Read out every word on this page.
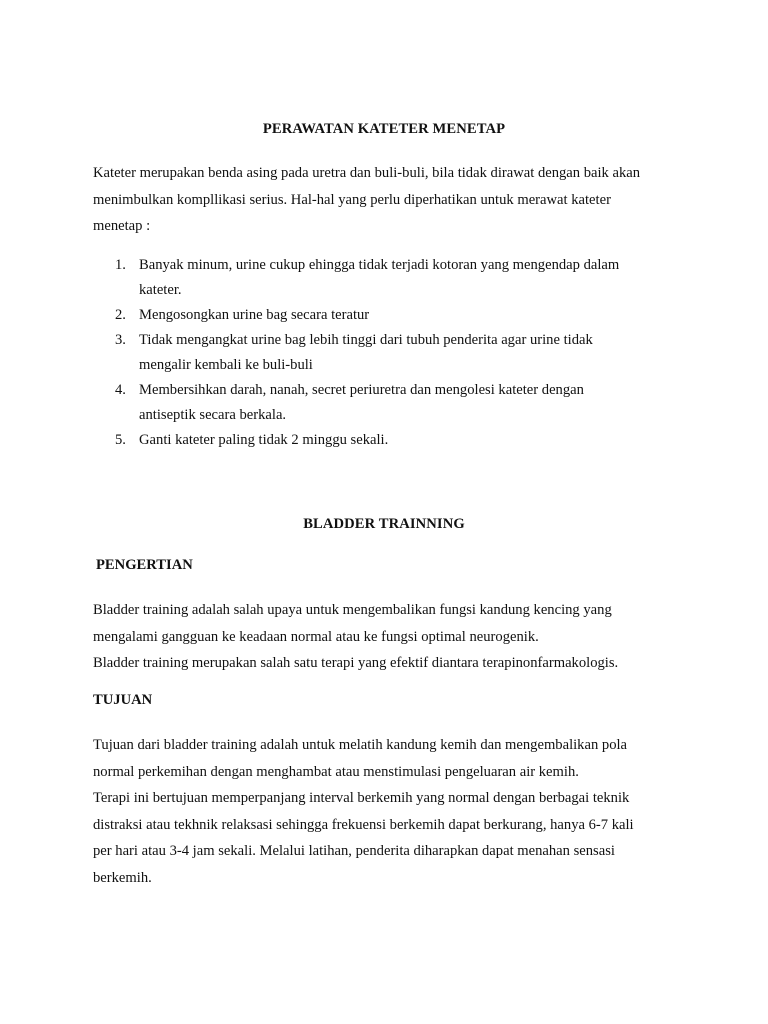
PERAWATAN KATETER MENETAP

Kateter merupakan benda asing pada uretra dan buli-buli, bila tidak dirawat dengan baik akan
menimbulkan kompllikasi serius. Hal-hal yang perlu diperhatikan untuk merawat kateter
menetap :

1. Banyak minum, urine cukup ehingga tidak terjadi kotoran yang mengendap dalam
kateter.
2. Mengosongkan urine bag secara teratur
3. Tidak mengangkat urine bag lebih tinggi dari tubuh penderita agar urine tidak
mengalir kembali ke buli-buli
4. Membersihkan darah, nanah, secret periuretra dan mengolesi kateter dengan
antiseptik secara berkala.
5. Ganti kateter paling tidak 2 minggu sekali.
BLADDER TRAINNING
PENGERTIAN

Bladder training adalah salah upaya untuk mengembalikan fungsi kandung kencing yang
mengalami gangguan ke keadaan normal atau ke fungsi optimal neurogenik.
Bladder training merupakan salah satu terapi yang efektif diantara terapinonfarmakologis.

TUJUAN

Tujuan dari bladder training adalah untuk melatih kandung kemih dan mengembalikan pola
normal perkemihan dengan menghambat atau menstimulasi pengeluaran air kemih.
Terapi ini bertujuan memperpanjang interval berkemih yang normal dengan berbagai teknik
distraksi atau tekhnik relaksasi sehingga frekuensi berkemih dapat berkurang, hanya 6-7 kali
per hari atau 3-4 jam sekali. Melalui latihan, penderita diharapkan dapat menahan sensasi
berkemih.
